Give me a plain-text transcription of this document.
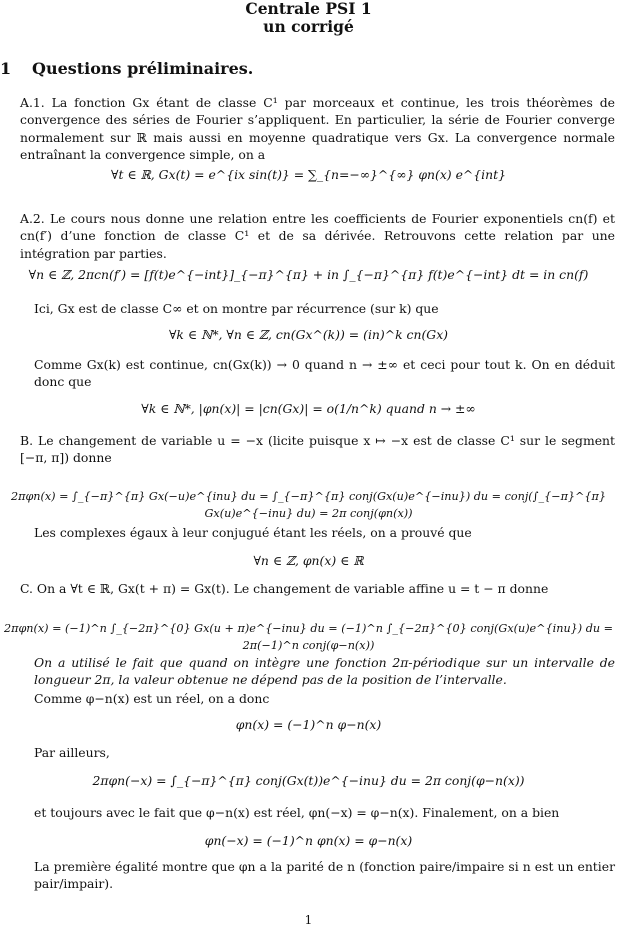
Centrale PSI 1
un corrigé
1 Questions préliminaires.
A.1. La fonction Gx étant de classe C¹ par morceaux et continue, les trois théorèmes de convergence des séries de Fourier s’appliquent. En particulier, la série de Fourier converge normalement sur ℝ mais aussi en moyenne quadratique vers Gx. La convergence normale entraînant la convergence simple, on a
∀t ∈ ℝ, Gx(t) = e^{ix sin(t)} = ∑_{n=−∞}^{∞} φn(x) e^{int}
A.2. Le cours nous donne une relation entre les coefficients de Fourier exponentiels cn(f) et cn(f′) d’une fonction de classe C¹ et de sa dérivée. Retrouvons cette relation par une intégration par parties.
∀n ∈ ℤ, 2πcn(f′) = [f(t)e^{−int}]_{−π}^{π} + in ∫_{−π}^{π} f(t)e^{−int} dt = in cn(f)
Ici, Gx est de classe C∞ et on montre par récurrence (sur k) que
∀k ∈ ℕ*, ∀n ∈ ℤ, cn(Gx^(k)) = (in)^k cn(Gx)
Comme Gx(k) est continue, cn(Gx(k)) → 0 quand n → ±∞ et ceci pour tout k. On en déduit donc que
∀k ∈ ℕ*, |φn(x)| = |cn(Gx)| = o(1/n^k) quand n → ±∞
B. Le changement de variable u = −x (licite puisque x ↦ −x est de classe C¹ sur le segment [−π, π]) donne
2πφn(x) = ∫_{−π}^{π} Gx(−u)e^{inu} du = ∫_{−π}^{π} conj(Gx(u)e^{−inu}) du = conj(∫_{−π}^{π} Gx(u)e^{−inu} du) = 2π conj(φn(x))
Les complexes égaux à leur conjugué étant les réels, on a prouvé que
∀n ∈ ℤ, φn(x) ∈ ℝ
C. On a ∀t ∈ ℝ, Gx(t + π) = Gx(t). Le changement de variable affine u = t − π donne
2πφn(x) = (−1)^n ∫_{−2π}^{0} Gx(u + π)e^{−inu} du = (−1)^n ∫_{−2π}^{0} conj(Gx(u)e^{inu}) du = 2π(−1)^n conj(φ−n(x))
On a utilisé le fait que quand on intègre une fonction 2π-périodique sur un intervalle de longueur 2π, la valeur obtenue ne dépend pas de la position de l’intervalle.
Comme φ−n(x) est un réel, on a donc
φn(x) = (−1)^n φ−n(x)
Par ailleurs,
2πφn(−x) = ∫_{−π}^{π} conj(Gx(t))e^{−inu} du = 2π conj(φ−n(x))
et toujours avec le fait que φ−n(x) est réel, φn(−x) = φ−n(x). Finalement, on a bien
φn(−x) = (−1)^n φn(x) = φ−n(x)
La première égalité montre que φn a la parité de n (fonction paire/impaire si n est un entier pair/impair).
1
